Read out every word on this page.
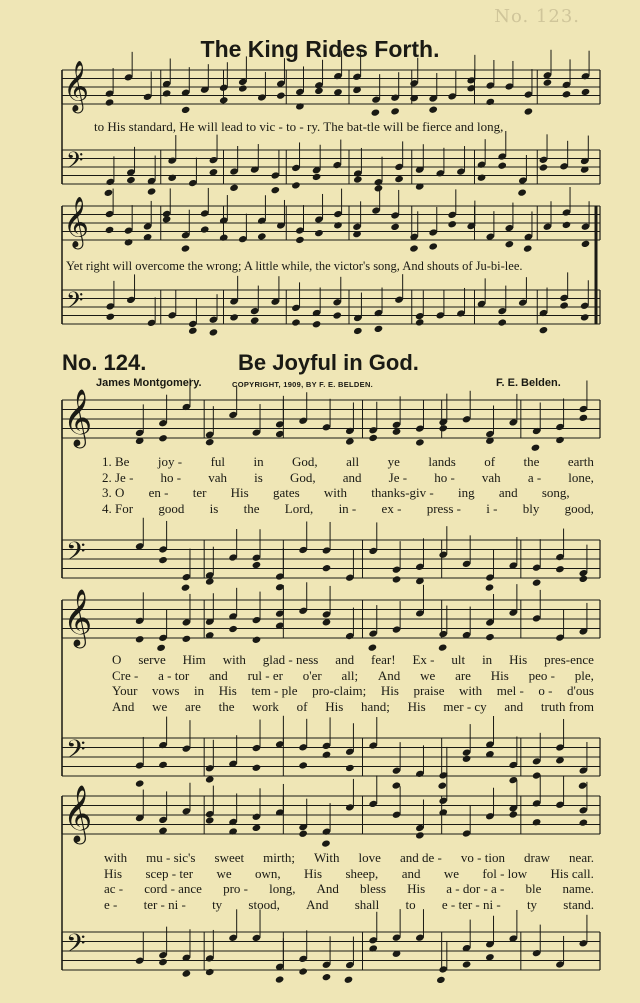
No. 123.
The King Rides Forth.
𝄞
𝄢
𝄞
𝄢
𝄞
𝄢
𝄞
𝄢
𝄞
𝄢
to His standard, He will lead to vic - to - ry. The bat-tle will be fierce and long,
Yet right will overcome the wrong; A little while, the victor's song, And shouts of Ju-bi-lee.
No. 124.	Be Joyful in God.
James Montgomery.	COPYRIGHT, 1909, BY F. E. BELDEN.	F. E. Belden.
1. Be joy - ful in God, all ye lands of the earth
2. Je - ho - vah is God, and Je - ho - vah a - lone,
3. O en - ter His gates with thanks-giv - ing and song,
4. For good is the Lord, in - ex - press - i - bly good,
O serve Him with glad - ness and fear! Ex - ult in His pres-ence
Cre - a - tor and rul - er o'er all; And we are His peo - ple,
Your vows in His tem - ple pro-claim; His praise with mel - o - d'ous
And we are the work of His hand; His mer - cy and truth from
with mu - sic's sweet mirth; With love and de - vo - tion draw near.
His scep - ter we own, His sheep, and we fol - low His call.
ac - cord - ance pro - long, And bless His a - dor - a - ble name.
e - ter - ni - ty stood, And shall to e - ter - ni - ty stand.
